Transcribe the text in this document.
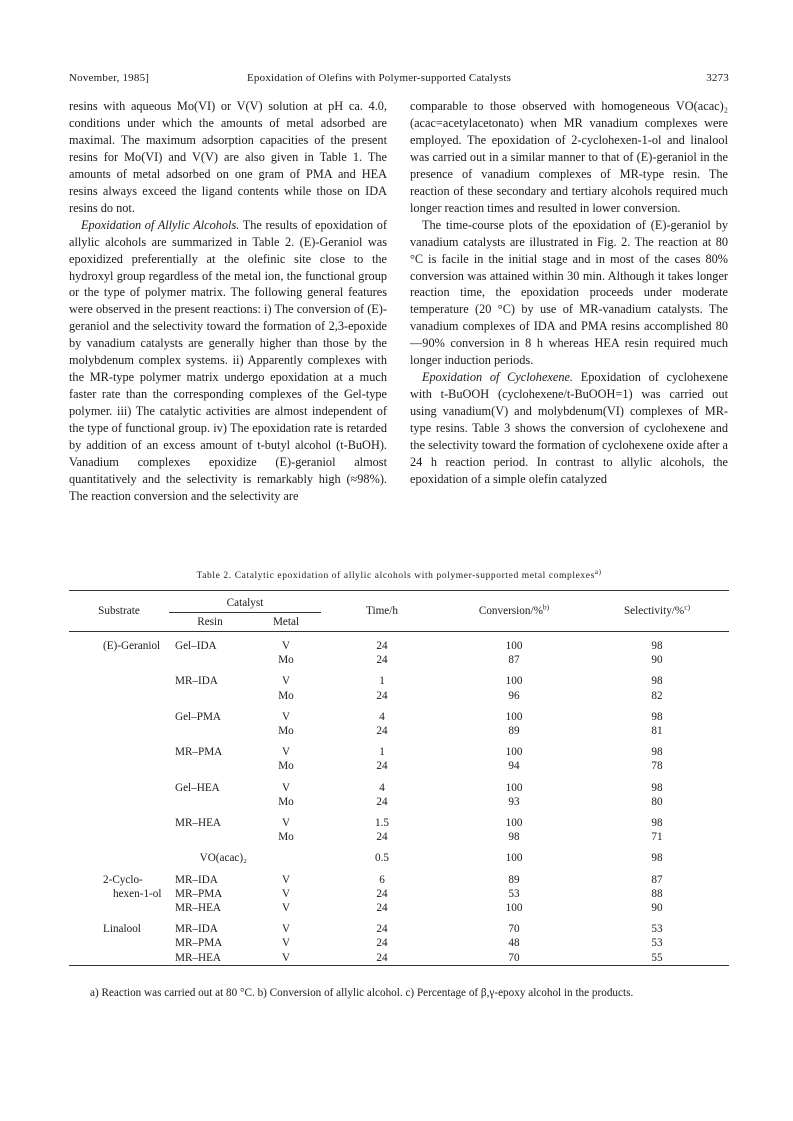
November, 1985]	Epoxidation of Olefins with Polymer-supported Catalysts	3273

resins with aqueous Mo(VI) or V(V) solution at pH ca. 4.0, conditions under which the amounts of metal adsorbed are maximal. The maximum adsorption capacities of the present resins for Mo(VI) and V(V) are also given in Table 1. The amounts of metal adsorbed on one gram of PMA and HEA resins always exceed the ligand contents while those on IDA resins do not.

Epoxidation of Allylic Alcohols. The results of epoxidation of allylic alcohols are summarized in Table 2. (E)-Geraniol was epoxidized preferentially at the olefinic site close to the hydroxyl group regardless of the metal ion, the functional group or the type of polymer matrix. The following general features were observed in the present reactions: i) The conversion of (E)-geraniol and the selectivity toward the formation of 2,3-epoxide by vanadium catalysts are generally higher than those by the molybdenum complex systems. ii) Apparently complexes with the MR-type polymer matrix undergo epoxidation at a much faster rate than the corresponding complexes of the Gel-type polymer. iii) The catalytic activities are almost independent of the type of functional group. iv) The epoxidation rate is retarded by addition of an excess amount of t-butyl alcohol (t-BuOH). Vanadium complexes epoxidize (E)-geraniol almost quantitatively and the selectivity is remarkably high (≈98%). The reaction conversion and the selectivity are

comparable to those observed with homogeneous VO(acac)₂ (acac=acetylacetonato) when MR vanadium complexes were employed. The epoxidation of 2-cyclohexen-1-ol and linalool was carried out in a similar manner to that of (E)-geraniol in the presence of vanadium complexes of MR-type resin. The reaction of these secondary and tertiary alcohols required much longer reaction times and resulted in lower conversion.

The time-course plots of the epoxidation of (E)-geraniol by vanadium catalysts are illustrated in Fig. 2. The reaction at 80 °C is facile in the initial stage and in most of the cases 80% conversion was attained within 30 min. Although it takes longer reaction time, the epoxidation proceeds under moderate temperature (20 °C) by use of MR-vanadium catalysts. The vanadium complexes of IDA and PMA resins accomplished 80—90% conversion in 8 h whereas HEA resin required much longer induction periods.

Epoxidation of Cyclohexene. Epoxidation of cyclohexene with t-BuOOH (cyclohexene/t-BuOOH=1) was carried out using vanadium(V) and molybdenum(VI) complexes of MR-type resins. Table 3 shows the conversion of cyclohexene and the selectivity toward the formation of cyclohexene oxide after a 24 h reaction period. In contrast to allylic alcohols, the epoxidation of a simple olefin catalyzed

Table 2. Catalytic epoxidation of allylic alcohols with polymer-supported metal complexes$^{a)}$
Substrate	Catalyst		Time/h	Conversion/%$^{b)}$	Selectivity/%$^{c)}$
	Resin	Metal			

(E)-Geraniol	Gel–IDA	V	24	100	98
		Mo	24	87	90

	MR–IDA	V	1	100	98
		Mo	24	96	82

	Gel–PMA	V	4	100	98
		Mo	24	89	81

	MR–PMA	V	1	100	98
		Mo	24	94	78

	Gel–HEA	V	4	100	98
		Mo	24	93	80

	MR–HEA	V	1.5	100	98
		Mo	24	98	71

	VO(acac)₂		0.5	100	98

2-Cyclo-	MR–IDA	V	6	89	87
hexen-1-ol	MR–PMA	V	24	53	88
	MR–HEA	V	24	100	90

Linalool	MR–IDA	V	24	70	53
	MR–PMA	V	24	48	53
	MR–HEA	V	24	70	55
a) Reaction was carried out at 80 °C. b) Conversion of allylic alcohol. c) Percentage of β,γ-epoxy alcohol in the products.
